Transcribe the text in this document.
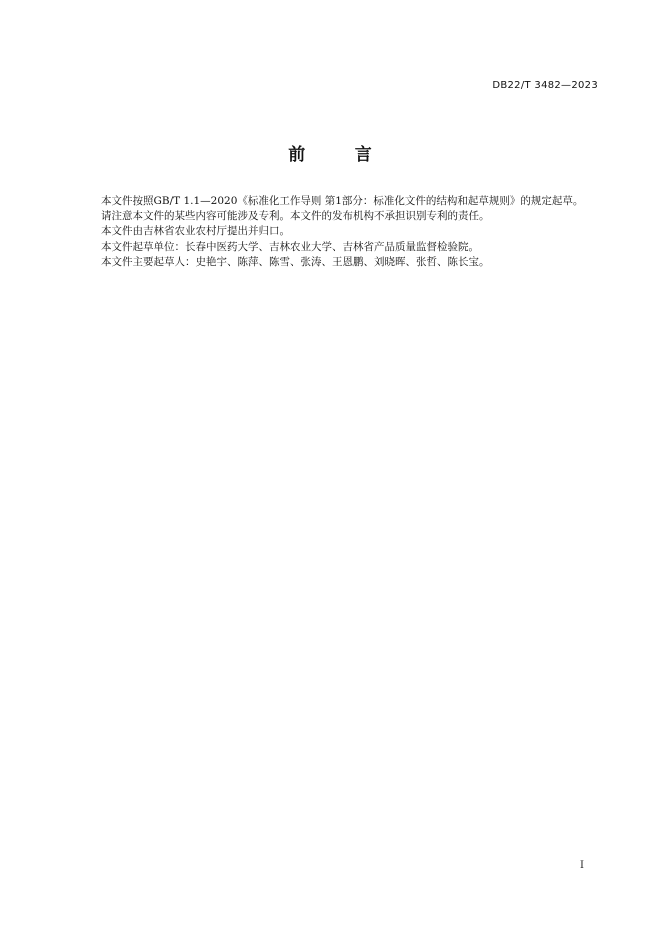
DB22/T 3482—2023
前      言

本文件按照GB/T 1.1—2020《标准化工作导则 第1部分：标准化文件的结构和起草规则》的规定起草。

请注意本文件的某些内容可能涉及专利。本文件的发布机构不承担识别专利的责任。

本文件由吉林省农业农村厅提出并归口。

本文件起草单位：长春中医药大学、吉林农业大学、吉林省产品质量监督检验院。

本文件主要起草人：史艳宇、陈萍、陈雪、张涛、王恩鹏、刘晓晖、张哲、陈长宝。

I
